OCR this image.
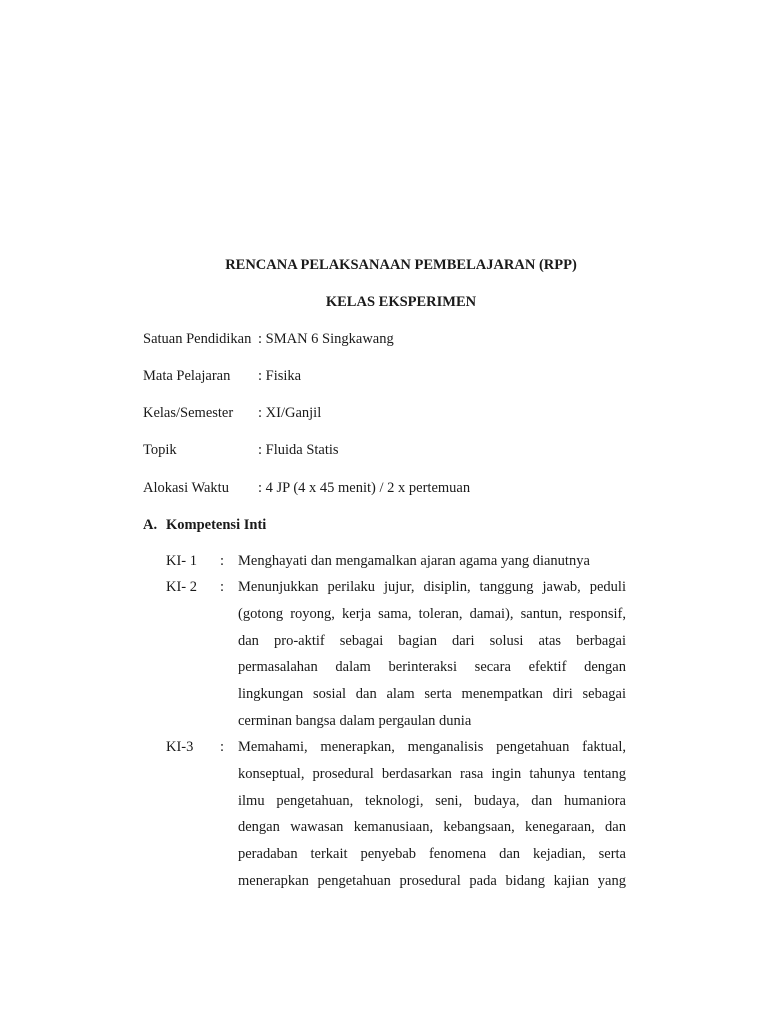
RENCANA PELAKSANAAN PEMBELAJARAN (RPP)
KELAS EKSPERIMEN
Satuan Pendidikan : SMAN 6 Singkawang
Mata Pelajaran : Fisika
Kelas/Semester : XI/Ganjil
Topik	: Fluida Statis
Alokasi Waktu : 4 JP (4 x 45 menit) / 2 x pertemuan
A. Kompetensi Inti
KI- 1 : Menghayati dan mengamalkan ajaran agama yang dianutnya
KI- 2 : Menunjukkan perilaku jujur, disiplin, tanggung jawab, peduli
(gotong royong, kerja sama, toleran, damai), santun, responsif,
dan pro-aktif sebagai bagian dari solusi atas berbagai
permasalahan dalam berinteraksi secara efektif dengan
lingkungan sosial dan alam serta menempatkan diri sebagai
cerminan bangsa dalam pergaulan dunia
KI-3 : Memahami, menerapkan, menganalisis pengetahuan faktual,
konseptual, prosedural berdasarkan rasa ingin tahunya tentang
ilmu pengetahuan, teknologi, seni, budaya, dan humaniora
dengan wawasan kemanusiaan, kebangsaan, kenegaraan, dan
peradaban terkait penyebab fenomena dan kejadian, serta
menerapkan pengetahuan prosedural pada bidang kajian yang
